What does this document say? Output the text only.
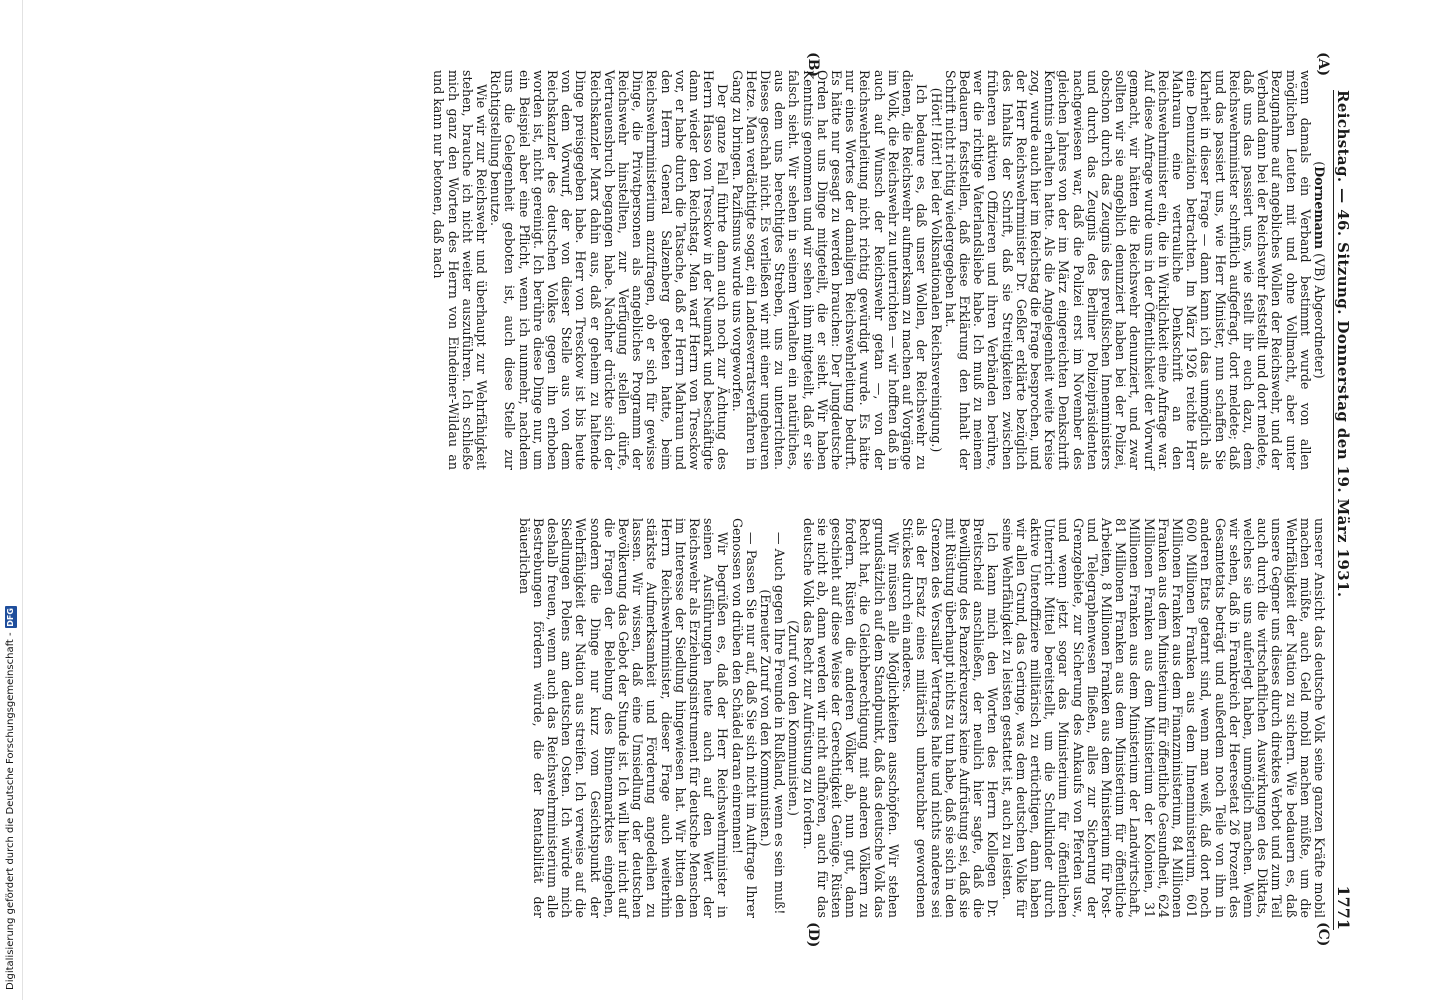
Digitalisierung gefördert durch die Deutsche Forschungsgemeinschaft -
DFG
Reichstag. — 46. Sitzung. Donnerstag den 19. März 1931.
1771
(A)
(B)
(C)
(D)

(Dornemann (VB) Abgeordneter)

wenn damals ein Verband bestimmt wurde von allen möglichen Leuten mit und ohne Vollmacht, aber unter Bezugnahme auf angebliches Wollen der Reichswehr, und der Verband dann bei der Reichswehr feststellt und dort meldete, daß uns das passiert uns, wie stellt ihr euch dazu, dem Reichswehrminister schriftlich aufgefragt, dort meldete; daß und das passiert uns, wie Herr Minister, nun schaffen Sie Klarheit in dieser Frage — dann kann ich das unmöglich als eine Denunziation betrachten. Im März 1926 reichte Herr Mahraun eine vertrauliche Denkschrift an den Reichswehrminister ein, die in Wirklichkeit eine Anfrage war. Auf diese Anfrage wurde uns in der Öffentlichkeit der Vorwurf gemacht, wir hätten die Reichswehr denunziert, und zwar sollten wir sie angeblich denunziert haben bei der Polizei, obschon durch das Zeugnis des preußischen Innenministers und durch das Zeugnis des Berliner Polizeipräsidenten nachgewiesen war, daß die Polizei erst im November des gleichen Jahres von der im März eingereichten Denkschrift Kenntnis erhalten hatte. Als die Angelegenheit weite Kreise zog, wurde auch hier im Reichstag die Frage besprochen, und der Herr Reichswehrminister Dr. Geßler erklärte bezüglich des Inhalts der Schrift, daß sie Streitigkeiten zwischen früheren aktiven Offizieren und ihren Verbänden berühre, wer die richtige Vaterlandsliebe habe. Ich muß zu meinem Bedauern feststellen, daß diese Erklärung den Inhalt der Schrift nicht richtig wiedergegeben hat.

(Hört! Hört! bei der Volksnationalen Reichsvereinigung.)

Ich bedaure es, daß unser Wollen, der Reichswehr zu dienen, die Reichswehr aufmerksam zu machen auf Vorgänge im Volk, die Reichswehr zu unterrichten — wir hofften daß in auch auf Wunsch der Reichswehr getan —, von der Reichswehrleitung nicht richtig gewürdigt wurde. Es hätte nur eines Wortes der damaligen Reichswehrleitung bedurft. Es hätte nur gesagt zu werden brauchen: Der Jungdeutsche Orden hat uns Dinge mitgeteilt, die er sieht. Wir haben Kenntnis genommen und wir sehen ihm mitgeteilt, daß er sie falsch sieht. Wir sehen in seinem Verhalten ein natürliches, aus dem uns berechtigtes Streben, uns zu unterrichten. Dieses geschah nicht. Es verließen wir mit einer ungeheuren Hetze. Man verdächtigte sogar, ein Landesverratsverfahren in Gang zu bringen. Pazifismus wurde uns vorgeworfen.

Der ganze Fall führte dann auch noch zur Ächtung des Herrn Hasso von Tresckow in der Neumark und beschäftigte dann wieder den Reichstag. Man warf Herrn von Tresckow vor, er habe durch die Tatsache, daß er Herrn Mahraun und den Herrn General Salzenberg gebeten hatte, beim Reichswehrministerium anzufragen, ob er sich für gewisse Dinge, die Privatpersonen als angebliches Programm der Reichswehr hinstellten, zur Verfügung stellen dürfe, Vertrauensbruch begangen habe. Nachher drückte sich der Reichskanzler Marx dahin aus, daß er geheim zu haltende Dinge preisgegeben habe. Herr von Tresckow ist bis heute von dem Vorwurf, der von dieser Stelle aus von dem Reichskanzler des deutschen Volkes gegen ihn erhoben worden ist, nicht gereinigt. Ich berühre diese Dinge nur, um ein Beispiel aber eine Pflicht, wenn ich nunmehr, nachdem uns die Gelegenheit geboten ist, auch diese Stelle zur Richtigstellung benutze.

Wie wir zur Reichswehr und überhaupt zur Wehrfähigkeit stehen, brauche ich nicht weiter auszuführen. Ich schließe mich ganz den Worten des Herrn von Eindeiner-Wildau an und kann nur betonen, daß nach

unserer Ansicht das deutsche Volk seine ganzen Kräfte mobil machen müßte, auch Geld mobil machen müßte, um die Wehrfähigkeit der Nation zu sichern. Wie bedauern es, daß unsere Gegner uns dieses durch direktes Verbot und zum Teil auch durch die wirtschaftlichen Auswirkungen des Diktats, welches sie uns auferlegt haben, unmöglich machen. Wenn wir sehen, daß in Frankreich der Heeresetat 26 Prozent des Gesamtetats beträgt und außerdem noch Teile von ihm in anderen Etats getarnt sind, wenn man weiß, daß dort noch 600 Millionen Franken aus dem Innenministerium, 601 Millionen Franken aus dem Finanzministerium, 84 Millionen Franken aus dem Ministerium für öffentliche Gesundheit, 624 Millionen Franken aus dem Ministerium der Kolonien, 31 Millionen Franken aus dem Ministerium der Landwirtschaft, 81 Millionen Franken aus dem Ministerium für öffentliche Arbeiten, 8 Millionen Franken aus dem Ministerium für Post- und Telegraphenwesen fließen, alles zur Sicherung der Grenzgebiete, zur Sicherung des Ankaufs von Pferden usw., und wenn jetzt sogar das Ministerium für öffentlichen Unterricht Mittel bereitstellt, um die Schulkinder durch aktive Unteroffiziere militärisch zu ertüchtigen, dann haben wir allen Grund, das Geringe, was dem deutschen Volke für seine Wehrfähigkeit zu leisten gestattet ist, auch zu leisten.

Ich kann mich den Worten des Herrn Kollegen Dr. Breitscheid anschließen, der neulich hier sagte, daß die Bewilligung des Panzerkreuzers keine Aufrüstung sei, daß sie mit Rüstung überhaupt nichts zu tun habe, daß sie sich in den Grenzen des Versailler Vertrages halte und nichts anderes sei als der Ersatz eines militärisch unbrauchbar gewordenen Stückes durch ein anderes.

Wir müssen alle Möglichkeiten ausschöpfen. Wir stehen grundsätzlich auf dem Standpunkt, daß das deutsche Volk das Recht hat, die Gleichberechtigung mit anderen Völkern zu fordern. Rüsten die anderen Völker ab, nun gut, dann geschieht auf diese Weise der Gerechtigkeit Genüge. Rüsten sie nicht ab, dann werden wir nicht aufhören, auch für das deutsche Volk das Recht zur Aufrüstung zu fordern.

(Zuruf von den Kommunisten.)

— Auch gegen Ihre Freunde in Rußland, wenn es sein muß!

(Erneuter Zuruf von den Kommunisten.)

— Passen Sie nur auf, daß Sie sich nicht im Auftrage Ihrer Genossen von drüben den Schädel daran einrennen!

Wir begrüßen es, daß der Herr Reichswehrminister in seinen Ausführungen heute auch auf den Wert der Reichswehr als Erziehungsinstrument für deutsche Menschen im Interesse der Siedlung hingewiesen hat. Wir bitten den Herrn Reichswehrminister, dieser Frage auch weiterhin stärkste Aufmerksamkeit und Förderung angedeihen zu lassen. Wir wissen, daß eine Umsiedlung der deutschen Bevölkerung das Gebot der Stunde ist. Ich will hier nicht auf die Fragen der Belebung des Binnenmarktes eingehen, sondern die Dinge nur kurz vom Gesichtspunkt der Wehrfähigkeit der Nation aus streifen. Ich verweise auf die Siedlungen Polens am deutschen Osten. Ich würde mich deshalb freuen, wenn auch das Reichswehrministerium alle Bestrebungen fördern würde, die der Rentabilität der bäuerlichen
